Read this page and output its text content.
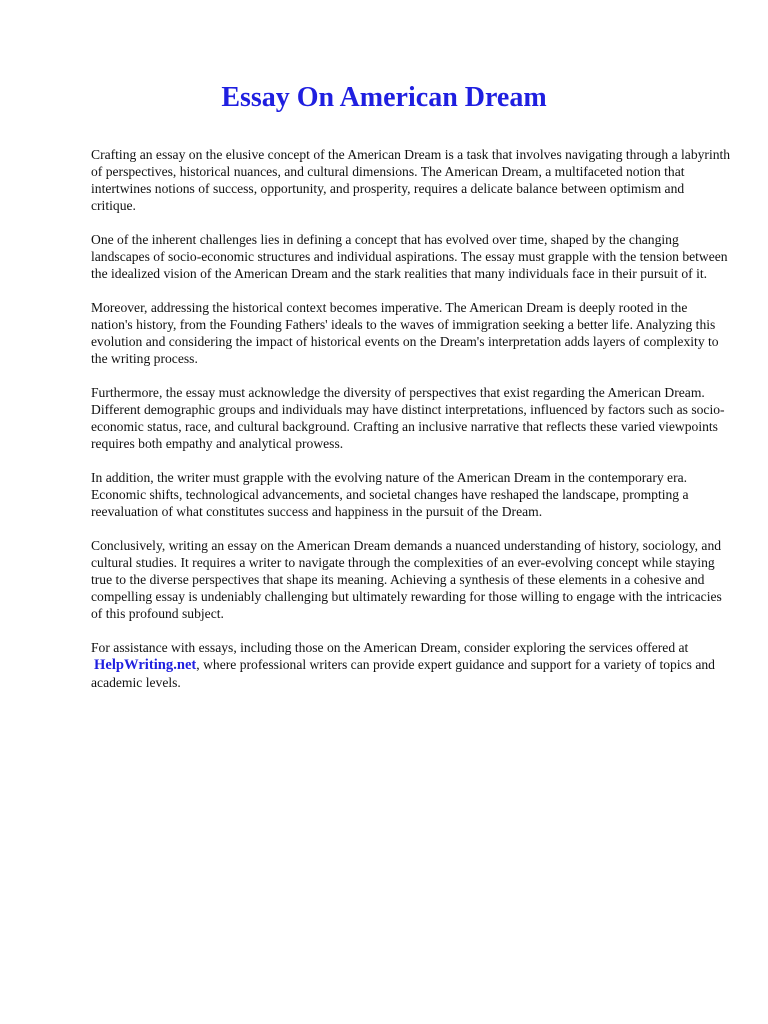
Essay On American Dream

Crafting an essay on the elusive concept of the American Dream is a task that involves navigating through a labyrinth of perspectives, historical nuances, and cultural dimensions. The American Dream, a multifaceted notion that intertwines notions of success, opportunity, and prosperity, requires a delicate balance between optimism and critique.

One of the inherent challenges lies in defining a concept that has evolved over time, shaped by the changing landscapes of socio-economic structures and individual aspirations. The essay must grapple with the tension between the idealized vision of the American Dream and the stark realities that many individuals face in their pursuit of it.

Moreover, addressing the historical context becomes imperative. The American Dream is deeply rooted in the nation's history, from the Founding Fathers' ideals to the waves of immigration seeking a better life. Analyzing this evolution and considering the impact of historical events on the Dream's interpretation adds layers of complexity to the writing process.

Furthermore, the essay must acknowledge the diversity of perspectives that exist regarding the American Dream. Different demographic groups and individuals may have distinct interpretations, influenced by factors such as socio-economic status, race, and cultural background. Crafting an inclusive narrative that reflects these varied viewpoints requires both empathy and analytical prowess.

In addition, the writer must grapple with the evolving nature of the American Dream in the contemporary era. Economic shifts, technological advancements, and societal changes have reshaped the landscape, prompting a reevaluation of what constitutes success and happiness in the pursuit of the Dream.

Conclusively, writing an essay on the American Dream demands a nuanced understanding of history, sociology, and cultural studies. It requires a writer to navigate through the complexities of an ever-evolving concept while staying true to the diverse perspectives that shape its meaning. Achieving a synthesis of these elements in a cohesive and compelling essay is undeniably challenging but ultimately rewarding for those willing to engage with the intricacies of this profound subject.

For assistance with essays, including those on the American Dream, consider exploring the services offered at HelpWriting.net, where professional writers can provide expert guidance and support for a variety of topics and academic levels.
